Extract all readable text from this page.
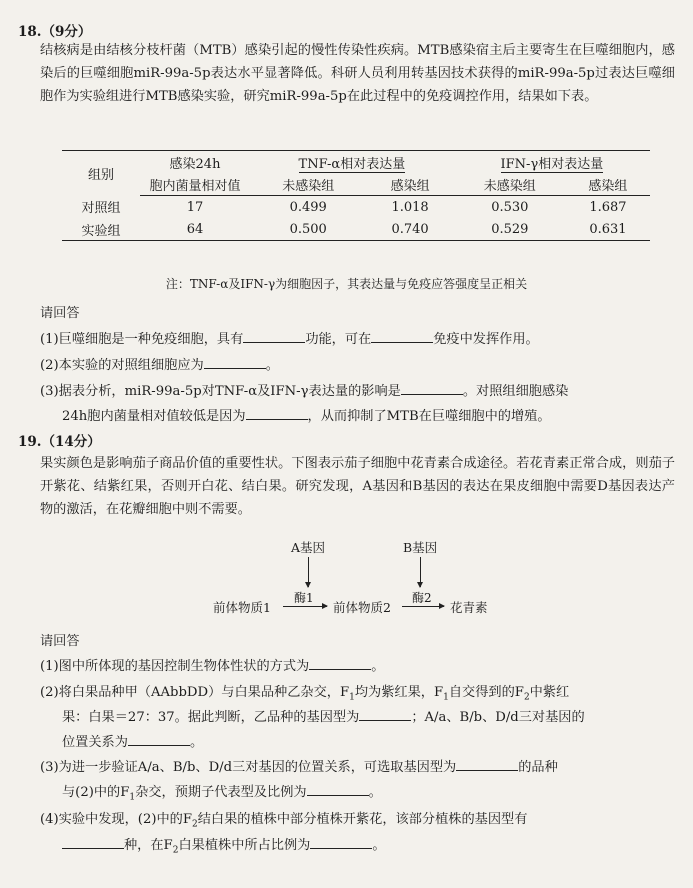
18.（9分）
结核病是由结核分枝杆菌（MTB）感染引起的慢性传染性疾病。MTB感染宿主后主要寄生在巨噬细胞内，感染后的巨噬细胞miR-99a-5p表达水平显著降低。科研人员利用转基因技术获得的miR-99a-5p过表达巨噬细胞作为实验组进行MTB感染实验，研究miR-99a-5p在此过程中的免疫调控作用，结果如下表。
组别	感染24h	TNF-α相对表达量		IFN-γ相对表达量	
	胞内菌量相对值	未感染组	感染组	未感染组	感染组
对照组	17	0.499	1.018	0.530	1.687
实验组	64	0.500	0.740	0.529	0.631
注：TNF-α及IFN-γ为细胞因子，其表达量与免疫应答强度呈正相关
请回答
(1)巨噬细胞是一种免疫细胞，具有	功能，可在	免疫中发挥作用。
(2)本实验的对照组细胞应为	。
(3)据表分析，miR-99a-5p对TNF-α及IFN-γ表达量的影响是	。对照组细胞感染
24h胞内菌量相对值较低是因为	，从而抑制了MTB在巨噬细胞中的增殖。
19.（14分）
果实颜色是影响茄子商品价值的重要性状。下图表示茄子细胞中花青素合成途径。若花青素正常合成，则茄子开紫花、结紫红果，否则开白花、结白果。研究发现，A基因和B基因的表达在果皮细胞中需要D基因表达产物的激活，在花瓣细胞中则不需要。
A基因	B基因
前体物质1
酶1
前体物质2
酶2
花青素
请回答
(1)图中所体现的基因控制生物体性状的方式为	。
(2)将白果品种甲（AAbbDD）与白果品种乙杂交，$F_1$均为紫红果，$F_1$自交得到的$F_2$中紫红
果：白果＝27：37。据此判断，乙品种的基因型为	；A/a、B/b、D/d三对基因的
位置关系为	。
(3)为进一步验证A/a、B/b、D/d三对基因的位置关系，可选取基因型为	的品种
与(2)中的$F_1$杂交，预期子代表型及比例为	。
(4)实验中发现，(2)中的$F_2$结白果的植株中部分植株开紫花，该部分植株的基因型有
种，在$F_2$白果植株中所占比例为	。
